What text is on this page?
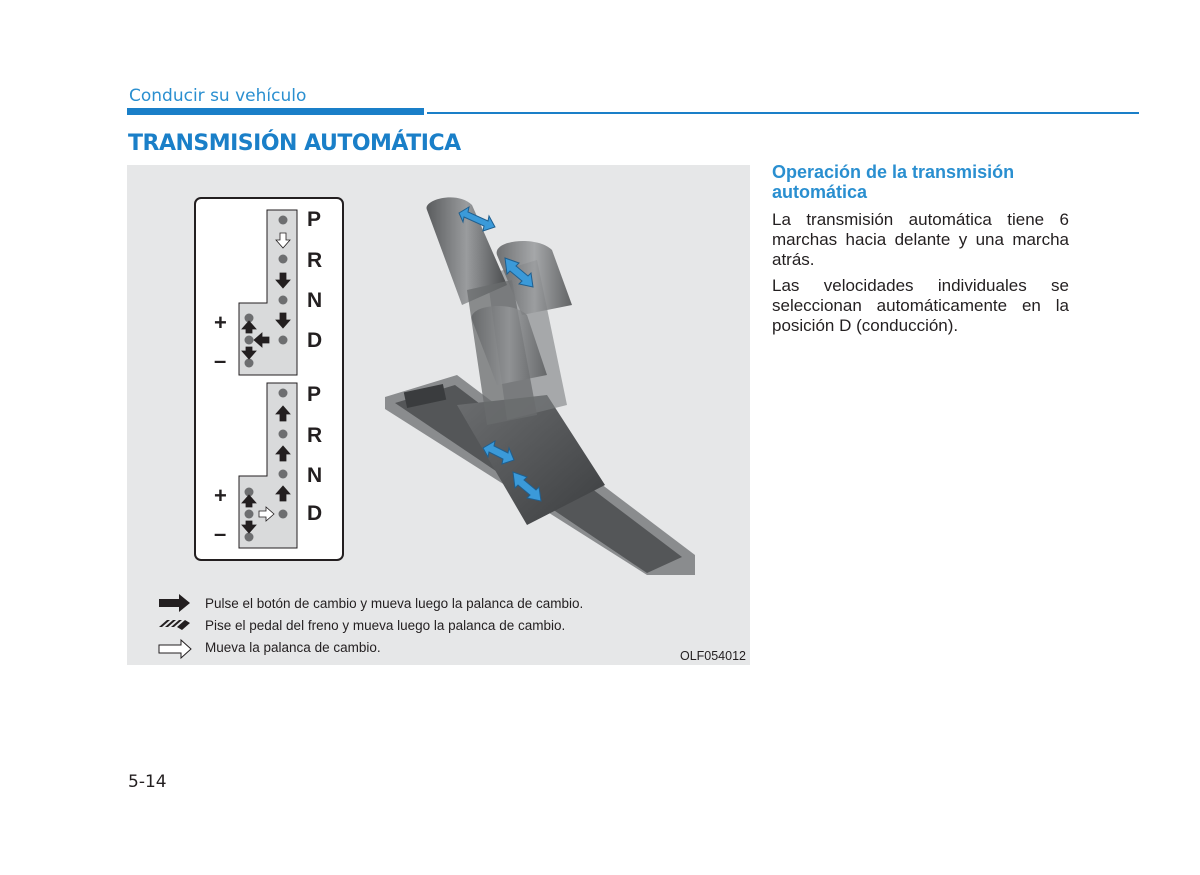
Conducir su vehículo
TRANSMISIÓN AUTOMÁTICA
P
R
N
D
P
R
N
D
+
–
+
–
Pulse el botón de cambio y mueva luego la palanca de cambio.
Pise el pedal del freno y mueva luego la palanca de cambio.
Mueva la palanca de cambio.
OLF054012

Operación de la transmisión automática

La transmisión automática tiene 6 marchas hacia delante y una marcha atrás.

Las velocidades individuales se seleccionan automáticamente en la posición D (conducción).

5-14
